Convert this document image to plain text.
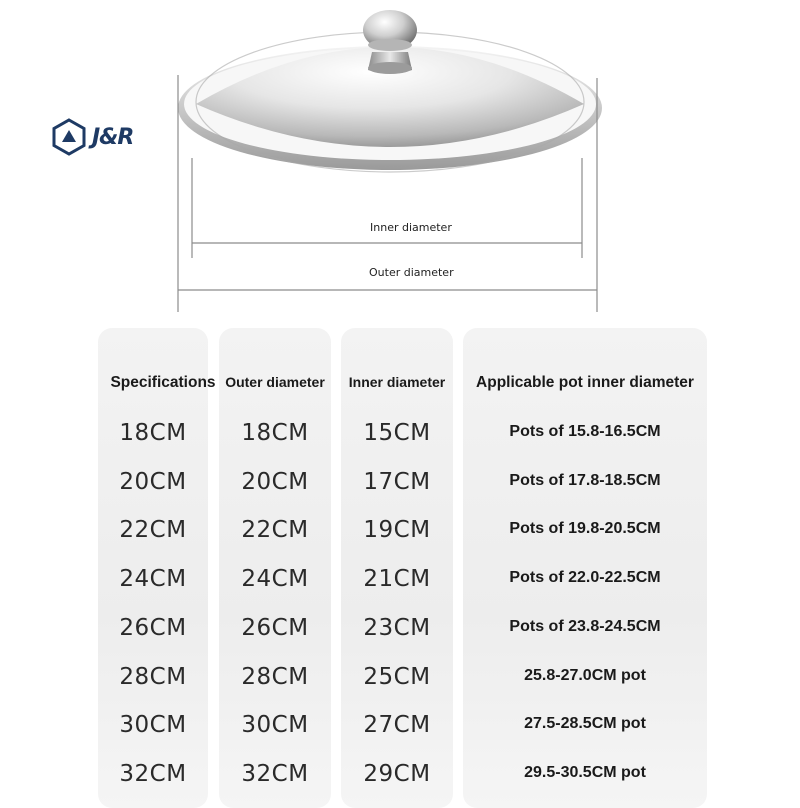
J&R
Inner diameter
Outer diameter
Specifications
18CM
20CM
22CM
24CM
26CM
28CM
30CM
32CM
Outer diameter
18CM
20CM
22CM
24CM
26CM
28CM
30CM
32CM
Inner diameter
15CM
17CM
19CM
21CM
23CM
25CM
27CM
29CM
Applicable pot inner diameter
Pots of 15.8-16.5CM
Pots of 17.8-18.5CM
Pots of 19.8-20.5CM
Pots of 22.0-22.5CM
Pots of 23.8-24.5CM
25.8-27.0CM pot
27.5-28.5CM pot
29.5-30.5CM pot
